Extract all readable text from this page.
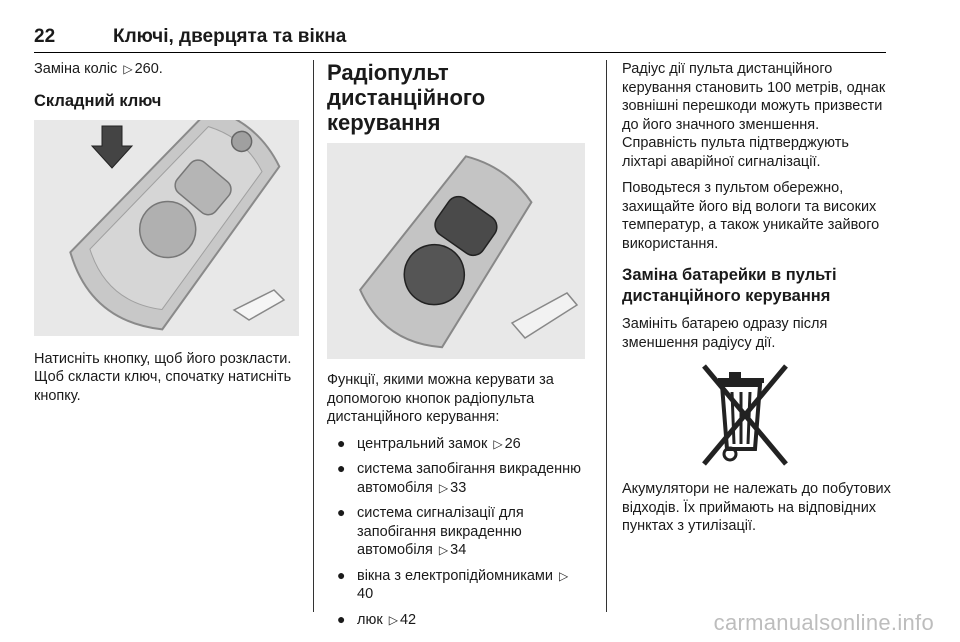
22	Ключі, дверцята та вікна

Заміна коліс ▷ 260.

Складний ключ

Натисніть кнопку, щоб його розкласти. Щоб скласти ключ, спочатку натисніть кнопку.

Радіопульт дистанційного
керування

Функції, якими можна керувати за допомогою кнопок радіопульта дистанційного керування:

● центральний замок ▷ 26
● система запобігання викраденню автомобіля ▷ 33
● система сигналізації для запобігання викраденню автомобіля ▷ 34
● вікна з електропідйомниками ▷40
● люк ▷ 42

Радіус дії пульта дистанційного керування становить 100 метрів, однак зовнішні перешкоди можуть призвести до його значного зменшення. Справність пульта підтверджують ліхтарі аварійної сигналізації.

Поводьтеся з пультом обережно, захищайте його від вологи та високих температур, а також уникайте зайвого використання.

Заміна батарейки в пульті дистанційного керування

Замініть батарею одразу після зменшення радіусу дії.

Акумулятори не належать до побутових відходів. Їх приймають на відповідних пунктах з утилізації.

carmanualsonline.info
